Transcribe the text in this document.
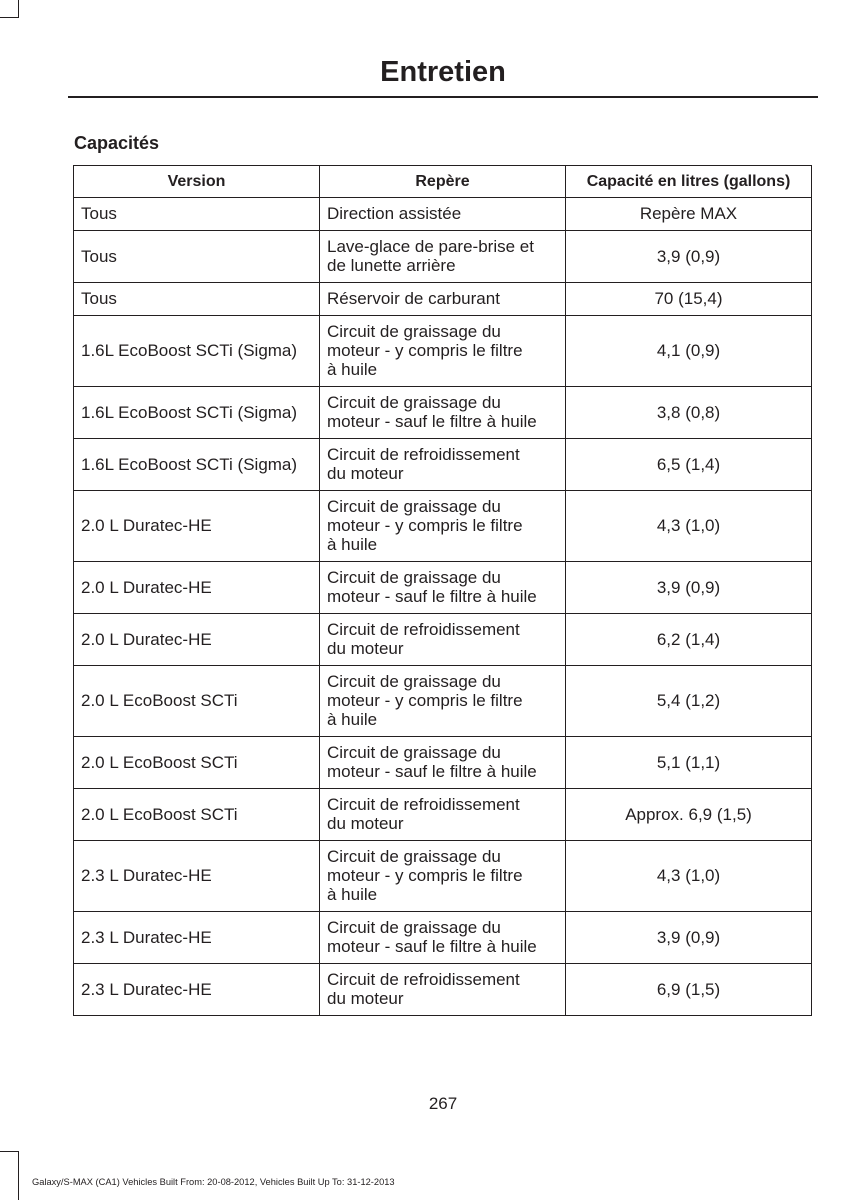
Entretien
Capacités
Version	Repère	Capacité en litres (gallons)
Tous	Direction assistée	Repère MAX
Tous	Lave-glace de pare-brise et
de lunette arrière	3,9 (0,9)
Tous	Réservoir de carburant	70 (15,4)
1.6L EcoBoost SCTi (Sigma)	Circuit de graissage du
moteur - y compris le filtre
à huile	4,1 (0,9)
1.6L EcoBoost SCTi (Sigma)	Circuit de graissage du
moteur - sauf le filtre à huile	3,8 (0,8)
1.6L EcoBoost SCTi (Sigma)	Circuit de refroidissement
du moteur	6,5 (1,4)
2.0 L Duratec-HE	Circuit de graissage du
moteur - y compris le filtre
à huile	4,3 (1,0)
2.0 L Duratec-HE	Circuit de graissage du
moteur - sauf le filtre à huile	3,9 (0,9)
2.0 L Duratec-HE	Circuit de refroidissement
du moteur	6,2 (1,4)
2.0 L EcoBoost SCTi	Circuit de graissage du
moteur - y compris le filtre
à huile	5,4 (1,2)
2.0 L EcoBoost SCTi	Circuit de graissage du
moteur - sauf le filtre à huile	5,1 (1,1)
2.0 L EcoBoost SCTi	Circuit de refroidissement
du moteur	Approx. 6,9 (1,5)
2.3 L Duratec-HE	Circuit de graissage du
moteur - y compris le filtre
à huile	4,3 (1,0)
2.3 L Duratec-HE	Circuit de graissage du
moteur - sauf le filtre à huile	3,9 (0,9)
2.3 L Duratec-HE	Circuit de refroidissement
du moteur	6,9 (1,5)
267
Galaxy/S-MAX (CA1) Vehicles Built From: 20-08-2012, Vehicles Built Up To: 31-12-2013
